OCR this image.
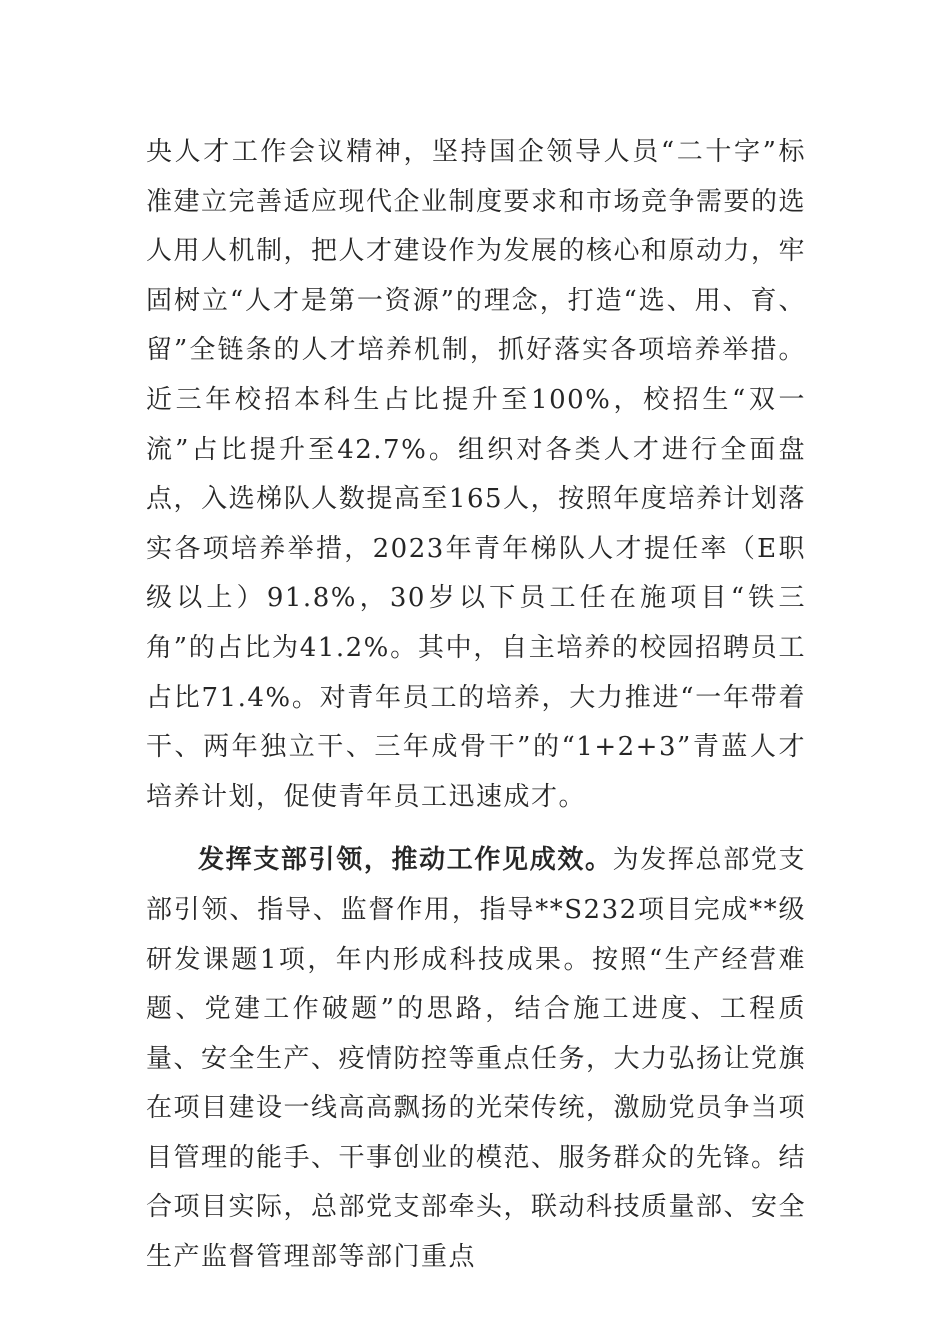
央人才工作会议精神，坚持国企领导人员“二十字”标准建立完善适应现代企业制度要求和市场竞争需要的选人用人机制，把人才建设作为发展的核心和原动力，牢固树立“人才是第一资源”的理念，打造“选、用、育、留”全链条的人才培养机制，抓好落实各项培养举措。近三年校招本科生占比提升至100%，校招生“双一流”占比提升至42.7%。组织对各类人才进行全面盘点，入选梯队人数提高至165人，按照年度培养计划落实各项培养举措，2023年青年梯队人才提任率（E职级以上）91.8%，30岁以下员工任在施项目“铁三角”的占比为41.2%。其中，自主培养的校园招聘员工占比71.4%。对青年员工的培养，大力推进“一年带着干、两年独立干、三年成骨干”的“1+2+3”青蓝人才培养计划，促使青年员工迅速成才。

发挥支部引领，推动工作见成效。为发挥总部党支部引领、指导、监督作用，指导**S232项目完成**级研发课题1项，年内形成科技成果。按照“生产经营难题、党建工作破题”的思路，结合施工进度、工程质量、安全生产、疫情防控等重点任务，大力弘扬让党旗在项目建设一线高高飘扬的光荣传统，激励党员争当项目管理的能手、干事创业的模范、服务群众的先锋。结合项目实际，总部党支部牵头，联动科技质量部、安全生产监督管理部等部门重点
